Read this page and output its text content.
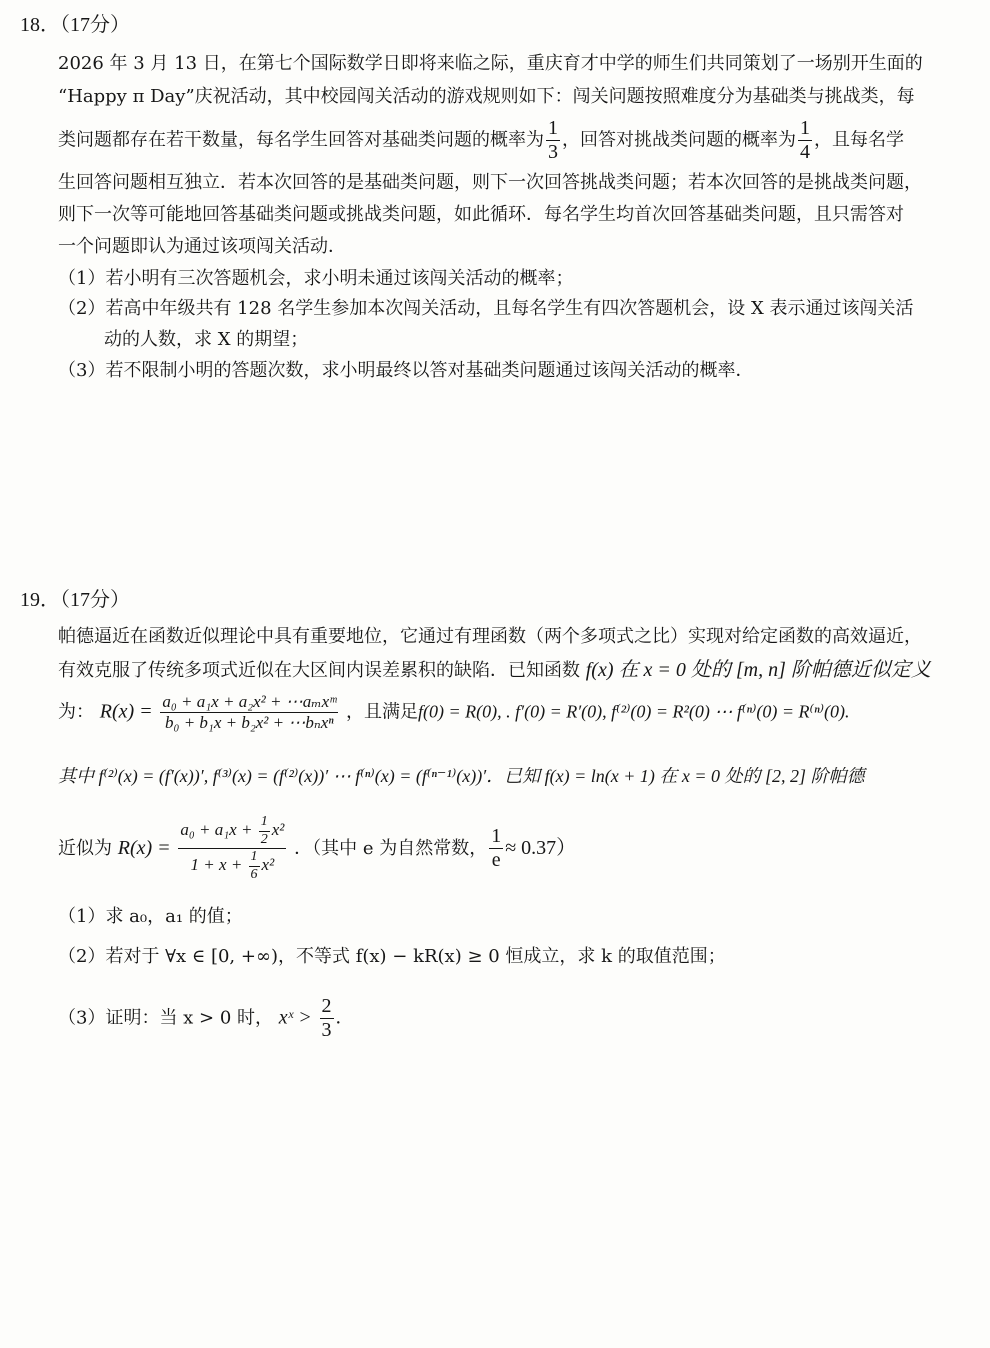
18．（17分）
2026 年 3 月 13 日，在第七个国际数学日即将来临之际，重庆育才中学的师生们共同策划了一场别开生面的
“Happy π Day”庆祝活动，其中校园闯关活动的游戏规则如下：闯关问题按照难度分为基础类与挑战类，每
类问题都存在若干数量，每名学生回答对基础类问题的概率为 $\frac{1}{3}$ ，回答对挑战类问题的概率为 $\frac{1}{4}$ ，且每名学
生回答问题相互独立．若本次回答的是基础类问题，则下一次回答挑战类问题；若本次回答的是挑战类问题，
则下一次等可能地回答基础类问题或挑战类问题，如此循环．每名学生均首次回答基础类问题，且只需答对
一个问题即认为通过该项闯关活动．
（1）若小明有三次答题机会，求小明未通过该闯关活动的概率；
（2）若高中年级共有 128 名学生参加本次闯关活动，且每名学生有四次答题机会，设 X 表示通过该闯关活
动的人数，求 X 的期望；
（3）若不限制小明的答题次数，求小明最终以答对基础类问题通过该闯关活动的概率．
19．（17分）
帕德逼近在函数近似理论中具有重要地位，它通过有理函数（两个多项式之比）实现对给定函数的高效逼近，
有效克服了传统多项式近似在大区间内误差累积的缺陷．已知函数 f(x) 在 x = 0 处的 [m, n] 阶帕德近似定义
为： $R(x) = \frac{\text{a₀ + a₁x + a₂x² + ⋯aₘxᵐ}}{\text{b₀ + b₁x + b₂x² + ⋯bₙxⁿ}}$ ，且满足f(0) = R(0), . f′(0) = R′(0), f⁽²⁾(0) = R²(0) ⋯ f⁽ⁿ⁾(0) = R⁽ⁿ⁾(0).
其中 f⁽²⁾(x) = (f′(x))′, f⁽³⁾(x) = (f⁽²⁾(x))′ ⋯ f⁽ⁿ⁾(x) = (f⁽ⁿ⁻¹⁾(x))′．已知 f(x) = ln(x + 1) 在 x = 0 处的 [2, 2] 阶帕德
近似为 $R(x) = \frac{a_0 + a_1x + \frac{1}{2} x^2}{1 + x + \frac{1}{6} x^2}$ ．（其中 e 为自然常数， $\frac{1}{e} \approx 0.37$）
（1）求 a₀，a₁ 的值；
（2）若对于 ∀x ∈ [0, +∞)，不等式 f(x) − kR(x) ≥ 0 恒成立，求 k 的取值范围；
（3）证明：当 x > 0 时， xˣ > $\frac{2}{3}$ ．
